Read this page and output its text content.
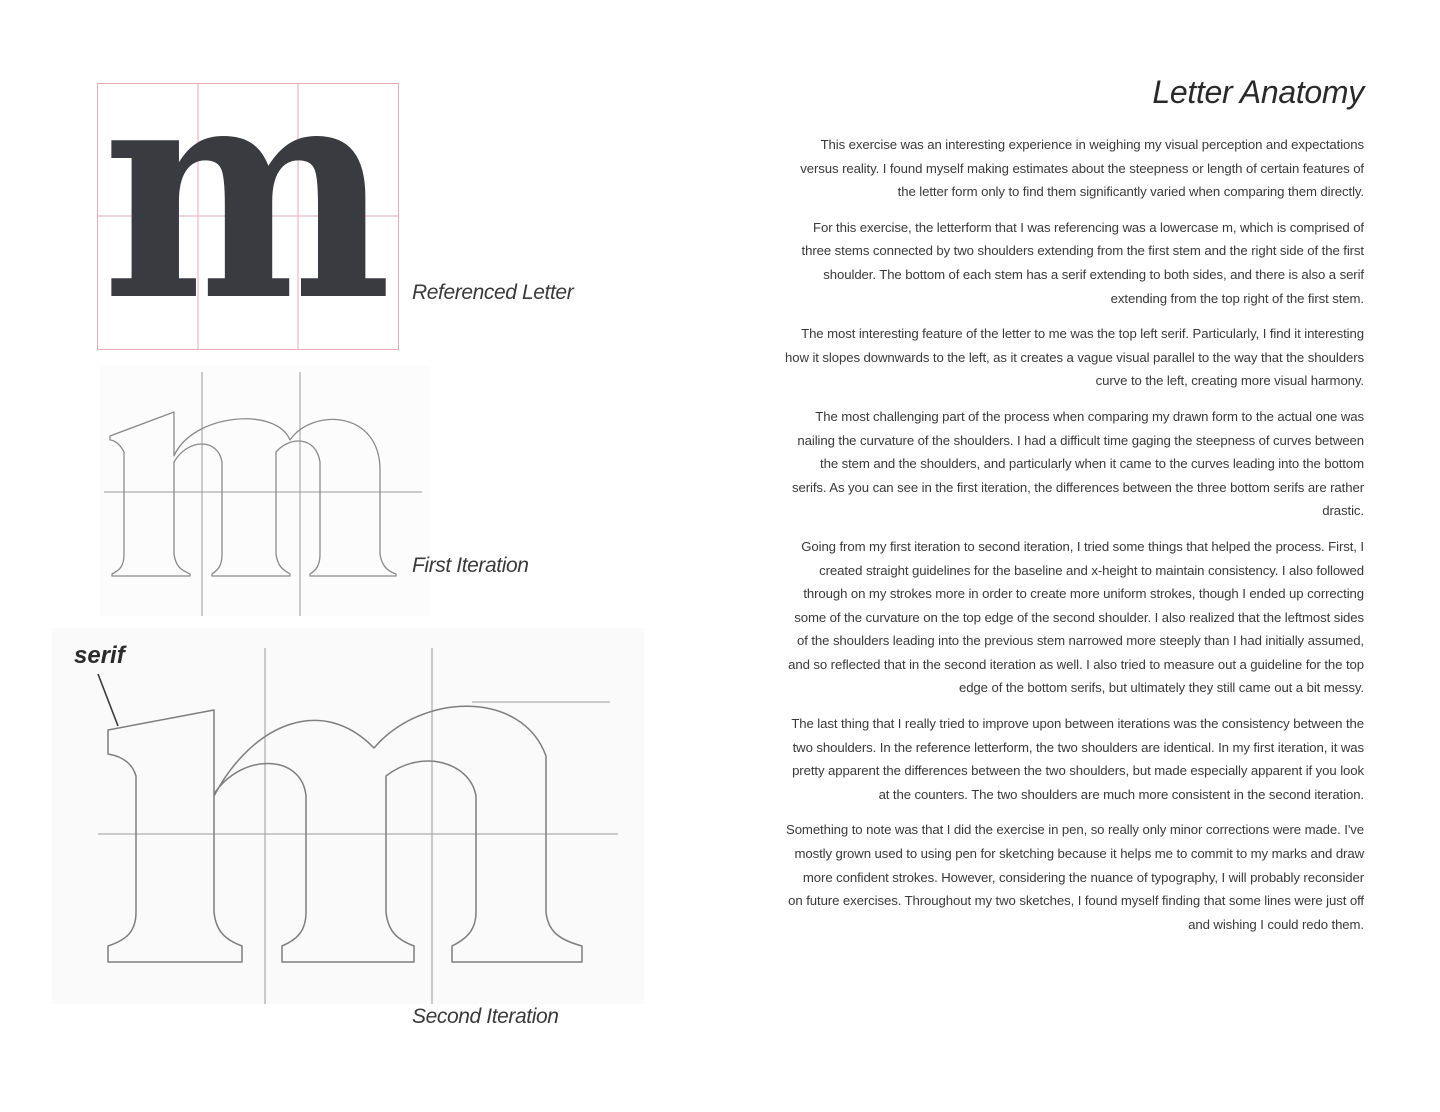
m Referenced Letter
First Iteration
serif
Second Iteration
Letter Anatomy

This exercise was an interesting experience in weighing my visual perception and expectations versus reality. I found myself making estimates about the steepness or length of certain features of the letter form only to find them significantly varied when comparing them directly.

For this exercise, the letterform that I was referencing was a lowercase m, which is comprised of three stems connected by two shoulders extending from the first stem and the right side of the first shoulder. The bottom of each stem has a serif extending to both sides, and there is also a serif extending from the top right of the first stem.

The most interesting feature of the letter to me was the top left serif. Particularly, I find it interesting how it slopes downwards to the left, as it creates a vague visual parallel to the way that the shoulders curve to the left, creating more visual harmony.

The most challenging part of the process when comparing my drawn form to the actual one was nailing the curvature of the shoulders. I had a difficult time gaging the steepness of curves between the stem and the shoulders, and particularly when it came to the curves leading into the bottom serifs. As you can see in the first iteration, the differences between the three bottom serifs are rather drastic.

Going from my first iteration to second iteration, I tried some things that helped the process. First, I created straight guidelines for the baseline and x-height to maintain consistency. I also followed through on my strokes more in order to create more uniform strokes, though I ended up correcting some of the curvature on the top edge of the second shoulder. I also realized that the leftmost sides of the shoulders leading into the previous stem narrowed more steeply than I had initially assumed, and so reflected that in the second iteration as well. I also tried to measure out a guideline for the top edge of the bottom serifs, but ultimately they still came out a bit messy.

The last thing that I really tried to improve upon between iterations was the consistency between the two shoulders. In the reference letterform, the two shoulders are identical. In my first iteration, it was pretty apparent the differences between the two shoulders, but made especially apparent if you look at the counters. The two shoulders are much more consistent in the second iteration.

Something to note was that I did the exercise in pen, so really only minor corrections were made. I've mostly grown used to using pen for sketching because it helps me to commit to my marks and draw more confident strokes. However, considering the nuance of typography, I will probably reconsider on future exercises. Throughout my two sketches, I found myself finding that some lines were just off and wishing I could redo them.
